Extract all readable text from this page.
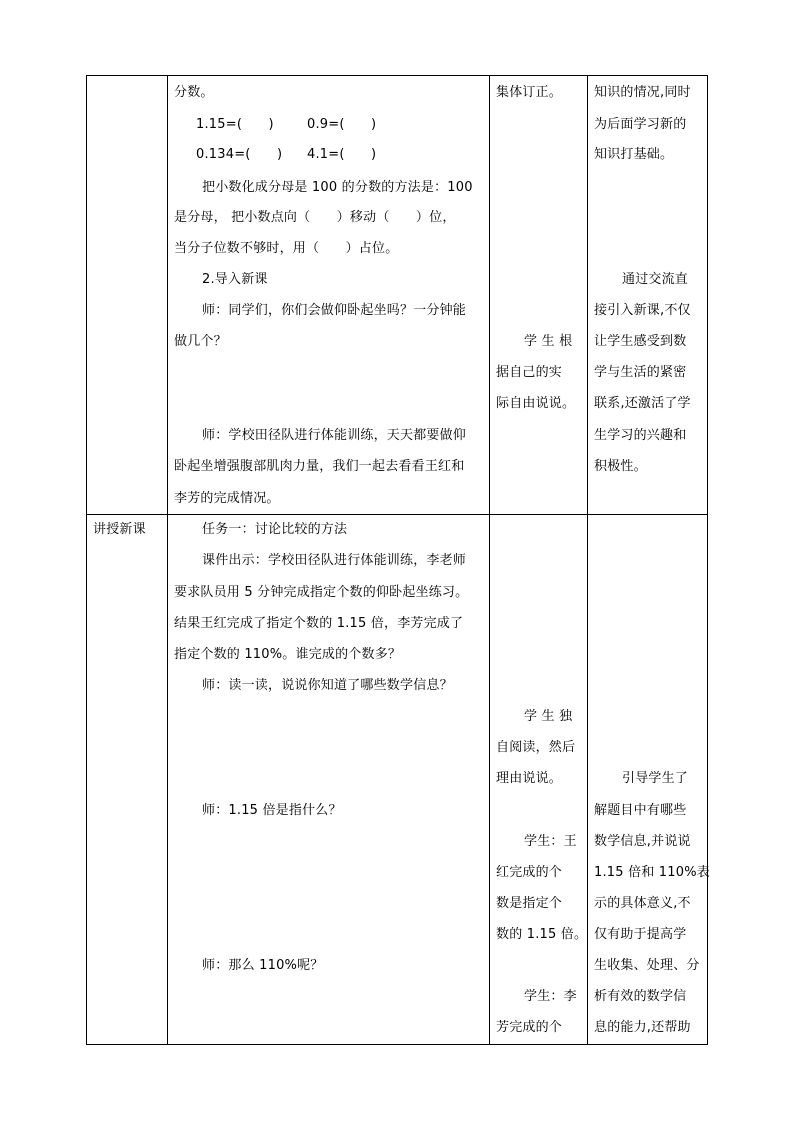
分数。
1.15=(　　)	0.9=(　　)
0.134=(　　) 4.1=(　　)
把小数化成分母是 100 的分数的方法是：100
是分母， 把小数点向（　　）移动（　　）位，
当分子位数不够时，用（　　）占位。
2.导入新课
师：同学们，你们会做仰卧起坐吗？一分钟能
做几个？
师：学校田径队进行体能训练，天天都要做仰
卧起坐增强腹部肌肉力量，我们一起去看看王红和
李芳的完成情况。
集体订正。
学 生 根
据自己的实
际自由说说。
知识的情况,同时
为后面学习新的
知识打基础。
通过交流直
接引入新课,不仅
让学生感受到数
学与生活的紧密
联系,还激活了学
生学习的兴趣和
积极性。
讲授新课	任务一：讨论比较的方法
课件出示：学校田径队进行体能训练，李老师
要求队员用 5 分钟完成指定个数的仰卧起坐练习。
结果王红完成了指定个数的 1.15 倍，李芳完成了
指定个数的 110%。谁完成的个数多？
师：读一读，说说你知道了哪些数学信息？
师：1.15 倍是指什么？
师：那么 110%呢？
学 生 独
自阅读，然后
理由说说。
学生：王
红完成的个
数是指定个
数的 1.15 倍。
学生：李
芳完成的个
引导学生了
解题目中有哪些
数学信息,并说说
1.15 倍和 110%表
示的具体意义,不
仅有助于提高学
生收集、处理、分
析有效的数学信
息的能力,还帮助
